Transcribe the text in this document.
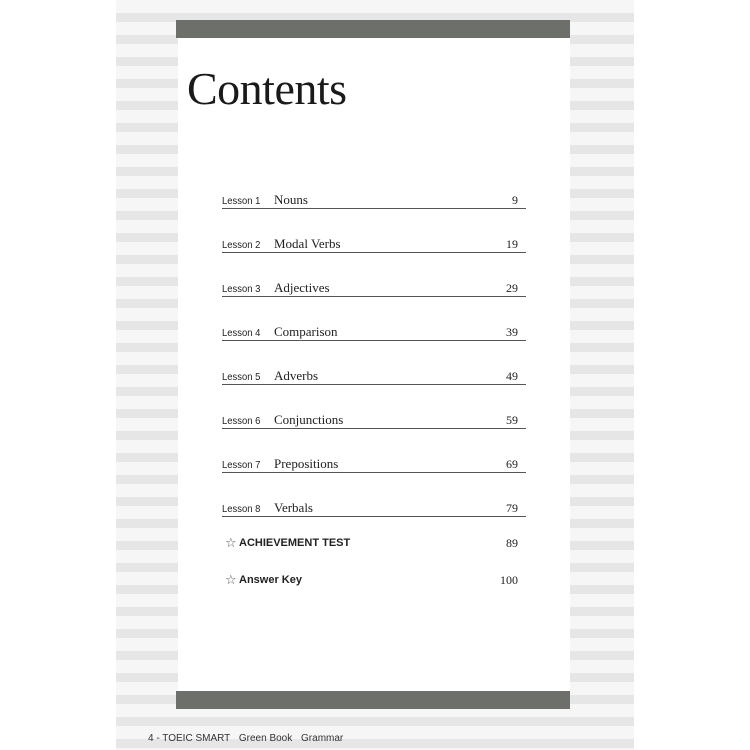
Contents
Lesson 1 Nouns	9
Lesson 2 Modal Verbs	19
Lesson 3 Adjectives	29
Lesson 4 Comparison	39
Lesson 5 Adverbs	49
Lesson 6 Conjunctions	59
Lesson 7 Prepositions	69
Lesson 8 Verbals	79
☆ ACHIEVEMENT TEST	89
☆ Answer Key	100
4 - TOEIC SMART Green Book Grammar
